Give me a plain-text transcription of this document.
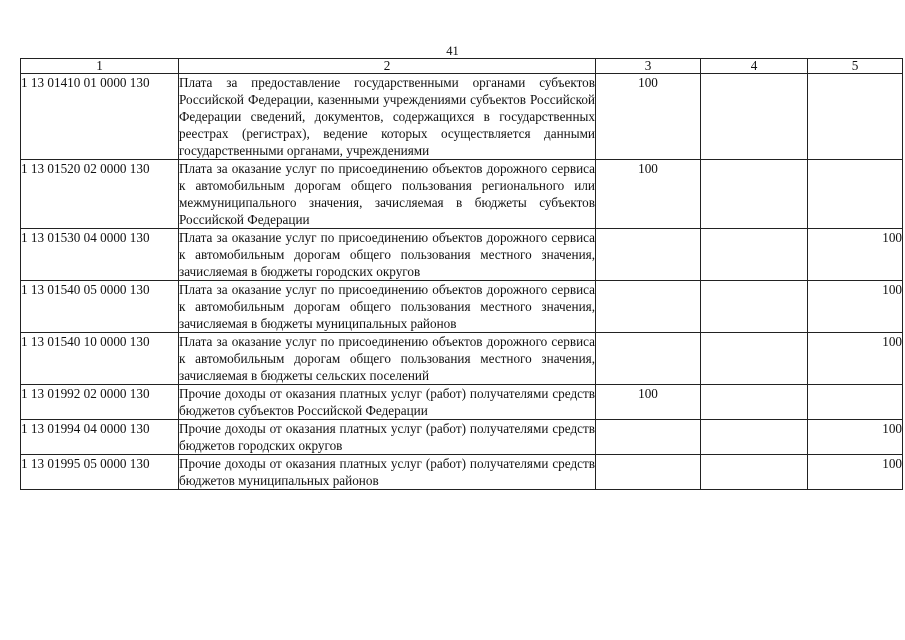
41
1	2	3	4	5
1 13 01410 01 0000 130	Плата за предоставление государственными органами субъектов Российской Федерации, казенными учреждениями субъектов Российской Федерации сведений, документов, содержащихся в государственных реестрах (регистрах), ведение которых осуществляется данными государственными органами, учреждениями	100		
1 13 01520 02 0000 130	Плата за оказание услуг по присоединению объектов дорожного сервиса к автомобильным дорогам общего пользования регионального или межмуниципального значения, зачисляемая в бюджеты субъектов Российской Федерации	100		
1 13 01530 04 0000 130	Плата за оказание услуг по присоединению объектов дорожного сервиса к автомобильным дорогам общего пользования местного значения, зачисляемая в бюджеты городских округов			100
1 13 01540 05 0000 130	Плата за оказание услуг по присоединению объектов дорожного сервиса к автомобильным дорогам общего пользования местного значения, зачисляемая в бюджеты муниципальных районов			100
1 13 01540 10 0000 130	Плата за оказание услуг по присоединению объектов дорожного сервиса к автомобильным дорогам общего пользования местного значения, зачисляемая в бюджеты сельских поселений			100
1 13 01992 02 0000 130	Прочие доходы от оказания платных услуг (работ) получателями средств бюджетов субъектов Российской Федерации	100		
1 13 01994 04 0000 130	Прочие доходы от оказания платных услуг (работ) получателями средств бюджетов городских округов			100
1 13 01995 05 0000 130	Прочие доходы от оказания платных услуг (работ) получателями средств бюджетов муниципальных районов			100
